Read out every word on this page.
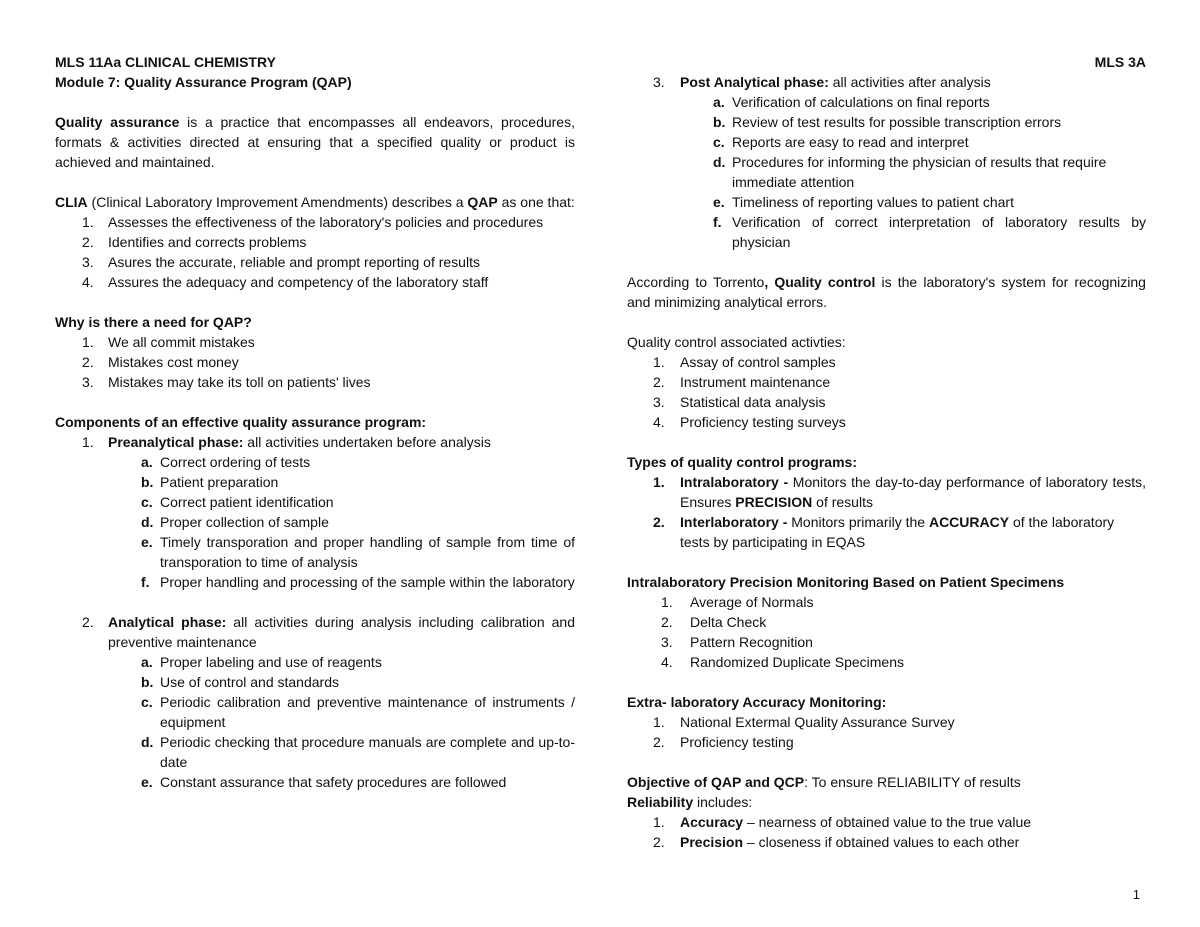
MLS 3A

MLS 11Aa CLINICAL CHEMISTRY

Module 7: Quality Assurance Program (QAP)

Quality assurance is a practice that encompasses all endeavors, procedures, formats & activities directed at ensuring that a specified quality or product is achieved and maintained.

CLIA (Clinical Laboratory Improvement Amendments) describes a QAP as one that:

1.	Assesses the effectiveness of the laboratory's policies and procedures
2.	Identifies and corrects problems
3.	Asures the accurate, reliable and prompt reporting of results
4.	Assures the adequacy and competency of the laboratory staff

Why is there a need for QAP?

1.	We all commit mistakes
2.	Mistakes cost money
3.	Mistakes may take its toll on patients' lives

Components of an effective quality assurance program:

1.	Preanalytical phase: all activities undertaken before analysis
a. Correct ordering of tests
b. Patient preparation
c. Correct patient identification
d. Proper collection of sample
e. Timely transporation and proper handling of sample from time of transporation to time of analysis
f. Proper handling and processing of the sample within the laboratory
2.	Analytical phase: all activities during analysis including calibration and preventive maintenance
a. Proper labeling and use of reagents
b. Use of control and standards
c. Periodic calibration and preventive maintenance of instruments / equipment
d. Periodic checking that procedure manuals are complete and up-to-date
e. Constant assurance that safety procedures are followed
3.	Post Analytical phase: all activities after analysis
a. Verification of calculations on final reports
b. Review of test results for possible transcription errors
c. Reports are easy to read and interpret
d. Procedures for informing the physician of results that require immediate attention
e. Timeliness of reporting values to patient chart
f. Verification of correct interpretation of laboratory results by physician

According to Torrento, Quality control is the laboratory's system for recognizing and minimizing analytical errors.

Quality control associated activties:

1.	Assay of control samples
2.	Instrument maintenance
3.	Statistical data analysis
4.	Proficiency testing surveys

Types of quality control programs:

1.	Intralaboratory - Monitors the day-to-day performance of laboratory tests, Ensures PRECISION of results
2.	Interlaboratory - Monitors primarily the ACCURACY of the laboratory tests by participating in EQAS

Intralaboratory Precision Monitoring Based on Patient Specimens

1.	Average of Normals
2.	Delta Check
3.	Pattern Recognition
4.	Randomized Duplicate Specimens

Extra- laboratory Accuracy Monitoring:

1.	National Extermal Quality Assurance Survey
2.	Proficiency testing

Objective of QAP and QCP: To ensure RELIABILITY of results

Reliability includes:

1.	Accuracy – nearness of obtained value to the true value
2.	Precision – closeness if obtained values to each other
1
